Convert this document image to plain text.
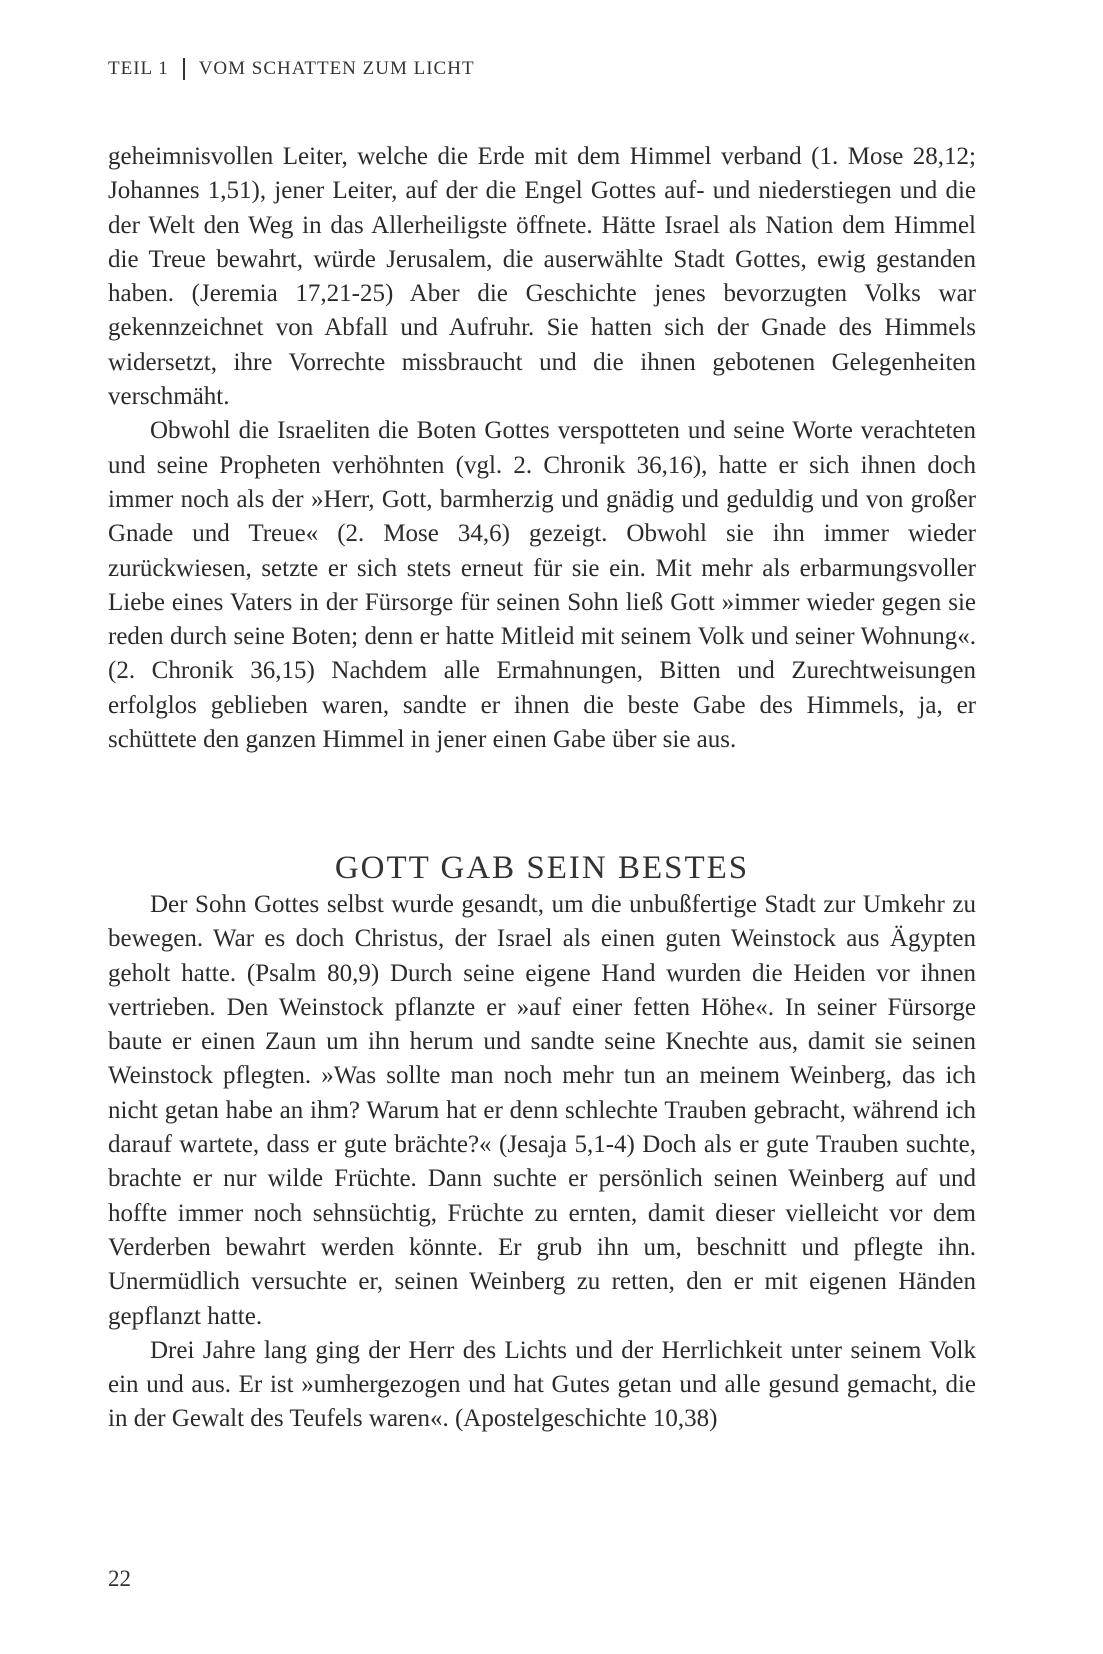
TEIL 1 VOM SCHATTEN ZUM LICHT

geheimnisvollen Leiter, welche die Erde mit dem Himmel verband (1. Mose 28,12; Johannes 1,51), jener Leiter, auf der die Engel Gottes auf- und niederstiegen und die der Welt den Weg in das Allerheiligste öffnete. Hätte Israel als Nation dem Himmel die Treue bewahrt, würde Jerusalem, die auserwählte Stadt Gottes, ewig gestanden haben. (Jeremia 17,21-25) Aber die Geschichte jenes bevorzugten Volks war gekennzeichnet von Abfall und Aufruhr. Sie hatten sich der Gnade des Himmels widersetzt, ihre Vorrechte missbraucht und die ihnen gebotenen Gelegenheiten verschmäht.

Obwohl die Israeliten die Boten Gottes verspotteten und seine Worte verachteten und seine Propheten verhöhnten (vgl. 2. Chronik 36,16), hatte er sich ihnen doch immer noch als der »Herr, Gott, barmherzig und gnädig und geduldig und von großer Gnade und Treue« (2. Mose 34,6) gezeigt. Obwohl sie ihn immer wieder zurückwiesen, setzte er sich stets erneut für sie ein. Mit mehr als erbarmungsvoller Liebe eines Vaters in der Fürsorge für seinen Sohn ließ Gott »immer wieder gegen sie reden durch seine Boten; denn er hatte Mitleid mit seinem Volk und seiner Wohnung«. (2. Chronik 36,15) Nachdem alle Ermahnungen, Bitten und Zurechtweisungen erfolglos geblieben waren, sandte er ihnen die beste Gabe des Himmels, ja, er schüttete den ganzen Himmel in jener einen Gabe über sie aus.

GOTT GAB SEIN BESTES

Der Sohn Gottes selbst wurde gesandt, um die unbußfertige Stadt zur Umkehr zu bewegen. War es doch Christus, der Israel als einen guten Weinstock aus Ägypten geholt hatte. (Psalm 80,9) Durch seine eigene Hand wurden die Heiden vor ihnen vertrieben. Den Weinstock pflanzte er »auf einer fetten Höhe«. In seiner Fürsorge baute er einen Zaun um ihn herum und sandte seine Knechte aus, damit sie seinen Weinstock pflegten. »Was sollte man noch mehr tun an meinem Weinberg, das ich nicht getan habe an ihm? Warum hat er denn schlechte Trauben gebracht, während ich darauf wartete, dass er gute brächte?« (Jesaja 5,1-4) Doch als er gute Trauben suchte, brachte er nur wilde Früchte. Dann suchte er persönlich seinen Weinberg auf und hoffte immer noch sehnsüchtig, Früchte zu ernten, damit dieser vielleicht vor dem Verderben bewahrt werden könnte. Er grub ihn um, beschnitt und pflegte ihn. Unermüdlich versuchte er, seinen Weinberg zu retten, den er mit eigenen Händen gepflanzt hatte.

Drei Jahre lang ging der Herr des Lichts und der Herrlichkeit unter seinem Volk ein und aus. Er ist »umhergezogen und hat Gutes getan und alle gesund gemacht, die in der Gewalt des Teufels waren«. (Apostelgeschichte 10,38)

22
